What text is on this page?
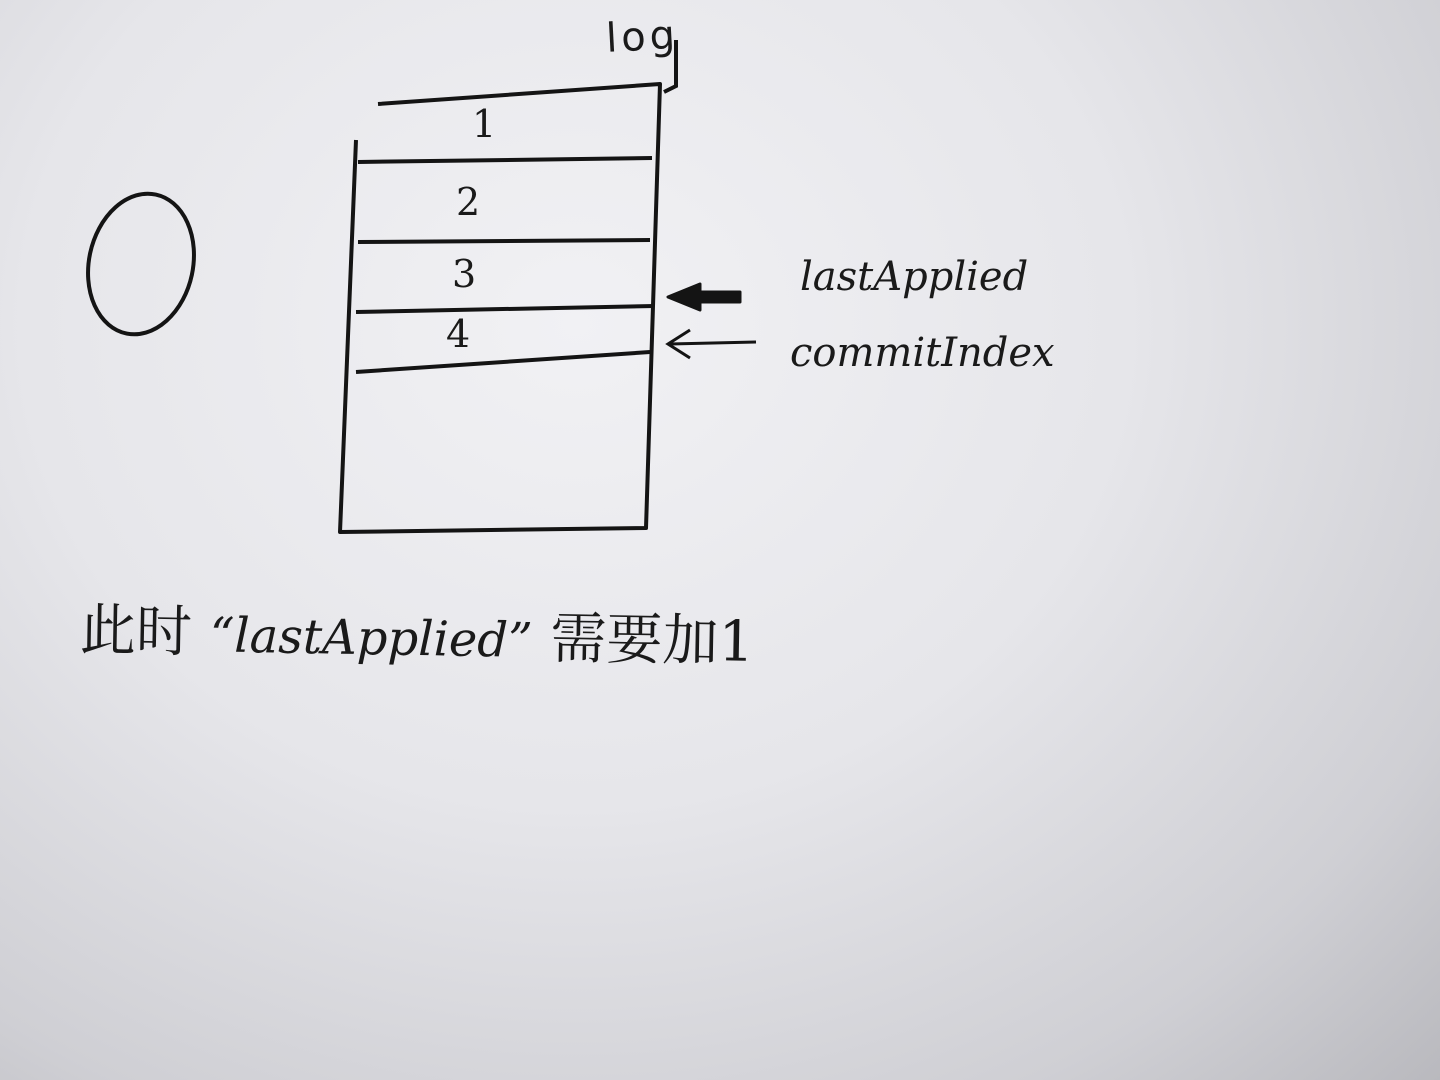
log
1
2
3
4
lastApplied
commitIndex
此时 “lastApplied” 需要加1
